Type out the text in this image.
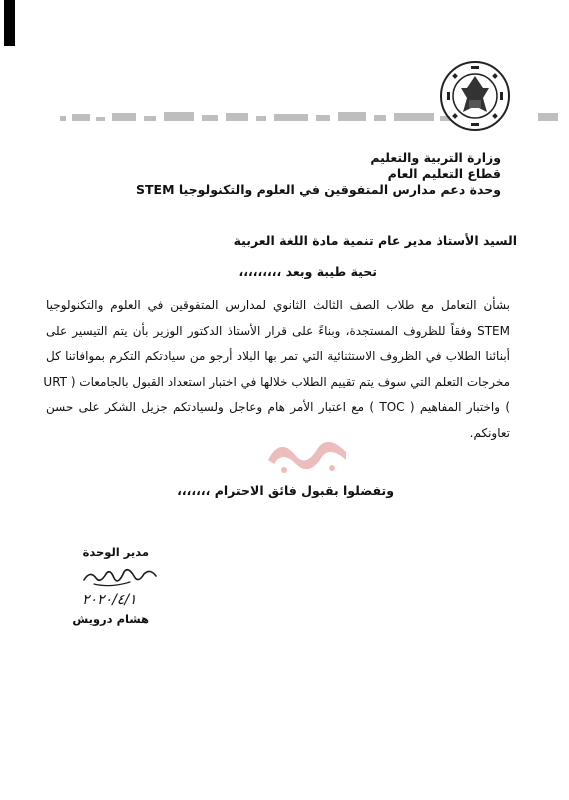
وزارة التربية والتعليم
قطاع التعليم العام
وحدة دعم مدارس المتفوقين في العلوم والتكنولوجيا STEM
السيد الأستاذ مدير عام تنمية مادة اللغة العربية
تحية طيبة وبعد ،،،،،،،،،
بشأن التعامل مع طلاب الصف الثالث الثانوي لمدارس المتفوقين في العلوم والتكنولوجيا
STEM وفقاً للظروف المستجدة، وبناءً على قرار الأستاذ الدكتور الوزير بأن يتم التيسير على
أبنائنا الطلاب في الظروف الاستثنائية التي تمر بها البلاد أرجو من سيادتكم التكرم بموافاتنا كل
مخرجات التعلم التي سوف يتم تقييم الطلاب خلالها في اختبار استعداد القبول بالجامعات ( URT
) واختبار المفاهيم ( TOC ) مع اعتبار الأمر هام وعاجل ولسيادتكم جزيل الشكر على حسن
تعاونكم.
وتفضلوا بقبول فائق الاحترام ،،،،،،،
مدير الوحدة
٢٠٢٠/٤/١
هشام درويش
